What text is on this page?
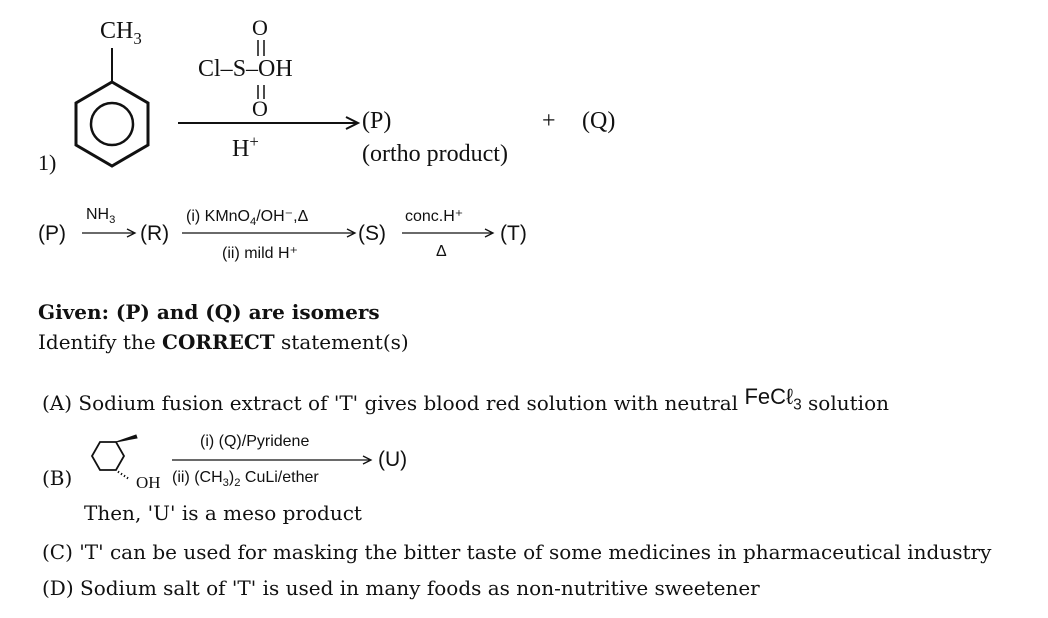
1)
$CH_3$	O
Cl–S–OH
O
H+
(P)
(ortho product)
+ (Q)
(P)
$NH_3$
→ (R)
(i) KMnO$_4$/OH⁻,Δ
(ii) mild H⁺
(S)
conc.H⁺
Δ
(T)
Given: (P) and (Q) are isomers
Identify the CORRECT statement(s)
(A) Sodium fusion extract of 'T' gives blood red solution with neutral FeCℓ$_3$ solution
(B)	OH
(i) (Q)/Pyridene
(ii) $(CH_3)_2$ CuLi/ether
(U)
Then, 'U' is a meso product
(C) 'T' can be used for masking the bitter taste of some medicines in pharmaceutical industry
(D) Sodium salt of 'T' is used in many foods as non-nutritive sweetener
